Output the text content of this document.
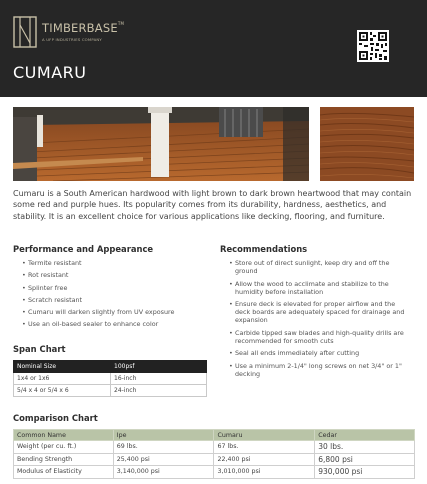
TIMBERBASE™
A UFP INDUSTRIES COMPANY
CUMARU

Cumaru is a South American hardwood with light brown to dark brown heartwood that may contain some red and purple hues. Its popularity comes from its durability, hardness, aesthetics, and stability. It is an excellent choice for various applications like decking, flooring, and furniture.

Performance and Appearance
• Termite resistant
• Rot resistant
• Splinter free
• Scratch resistant
• Cumaru will darken slightly from UV exposure
• Use an oil-based sealer to enhance color
Recommendations
• Store out of direct sunlight, keep dry and off the ground
• Allow the wood to acclimate and stabilize to the humidity before installation
• Ensure deck is elevated for proper airflow and the deck boards are adequately spaced for drainage and expansion
• Carbide tipped saw blades and high-quality drills are recommended for smooth cuts
• Seal all ends immediately after cutting
• Use a minimum 2-1/4" long screws on net 3/4" or 1" decking
Span Chart
Nominal Size	100psf
1x4 or 1x6	16-inch
5/4 x 4 or 5/4 x 6	24-inch
Comparison Chart
Common Name	Ipe	Cumaru	Cedar
Weight (per cu. ft.)	69 lbs.	67 lbs.	30 lbs.
Bending Strength	25,400 psi	22,400 psi	6,800 psi
Modulus of Elasticity	3,140,000 psi	3,010,000 psi	930,000 psi
